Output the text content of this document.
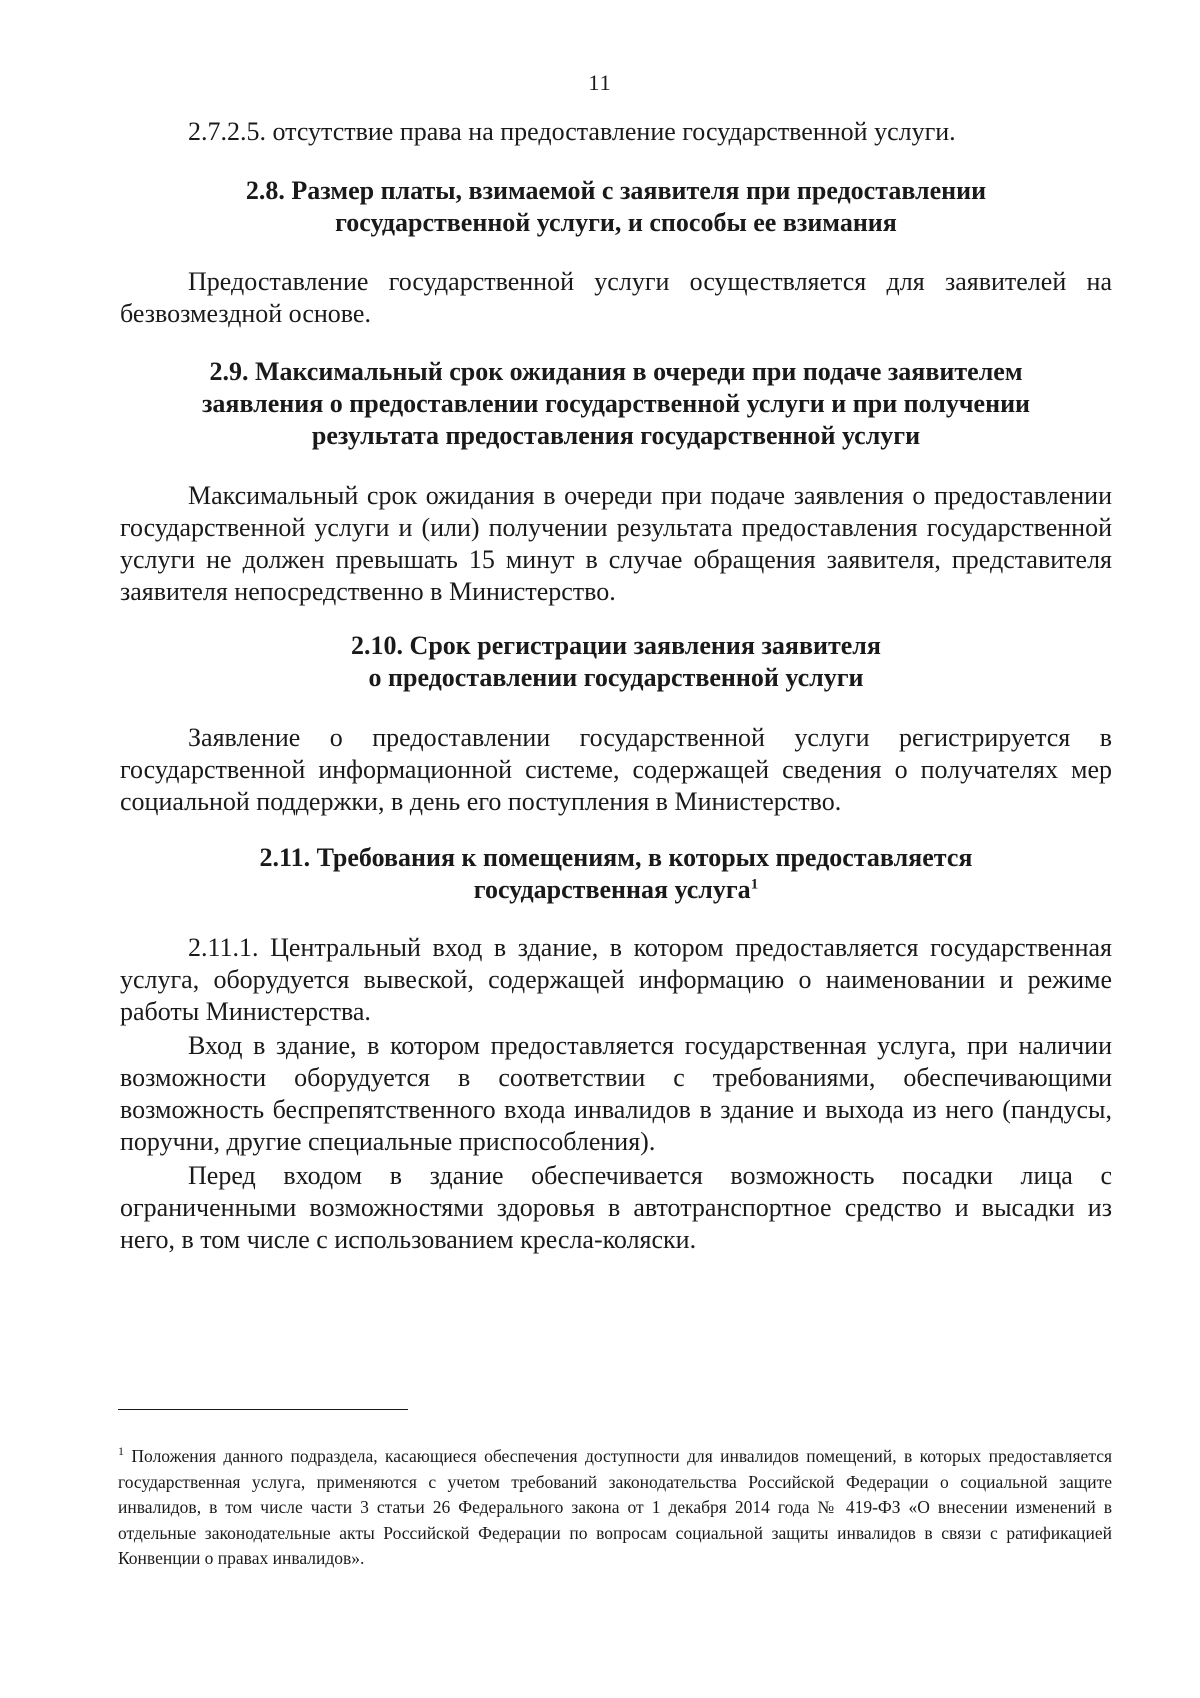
11
2.7.2.5. отсутствие права на предоставление государственной услуги.
2.8. Размер платы, взимаемой с заявителя при предоставлении
государственной услуги, и способы ее взимания
Предоставление государственной услуги осуществляется для заявителей на безвозмездной основе.
2.9. Максимальный срок ожидания в очереди при подаче заявителем
заявления о предоставлении государственной услуги и при получении
результата предоставления государственной услуги
Максимальный срок ожидания в очереди при подаче заявления о предоставлении государственной услуги и (или) получении результата предоставления государственной услуги не должен превышать 15 минут в случае обращения заявителя, представителя заявителя непосредственно в Министерство.
2.10. Срок регистрации заявления заявителя
о предоставлении государственной услуги
Заявление о предоставлении государственной услуги регистрируется в государственной информационной системе, содержащей сведения о получателях мер социальной поддержки, в день его поступления в Министерство.
2.11. Требования к помещениям, в которых предоставляется
государственная услуга$^1$
2.11.1. Центральный вход в здание, в котором предоставляется государственная услуга, оборудуется вывеской, содержащей информацию о наименовании и режиме работы Министерства.
Вход в здание, в котором предоставляется государственная услуга, при наличии возможности оборудуется в соответствии с требованиями, обеспечивающими возможность беспрепятственного входа инвалидов в здание и выхода из него (пандусы, поручни, другие специальные приспособления).
Перед входом в здание обеспечивается возможность посадки лица с ограниченными возможностями здоровья в автотранспортное средство и высадки из него, в том числе с использованием кресла-коляски.
$^1$ Положения данного подраздела, касающиеся обеспечения доступности для инвалидов помещений, в которых предоставляется государственная услуга, применяются с учетом требований законодательства Российской Федерации о социальной защите инвалидов, в том числе части 3 статьи 26 Федерального закона от 1 декабря 2014 года № 419-ФЗ «О внесении изменений в отдельные законодательные акты Российской Федерации по вопросам социальной защиты инвалидов в связи с ратификацией Конвенции о правах инвалидов».
